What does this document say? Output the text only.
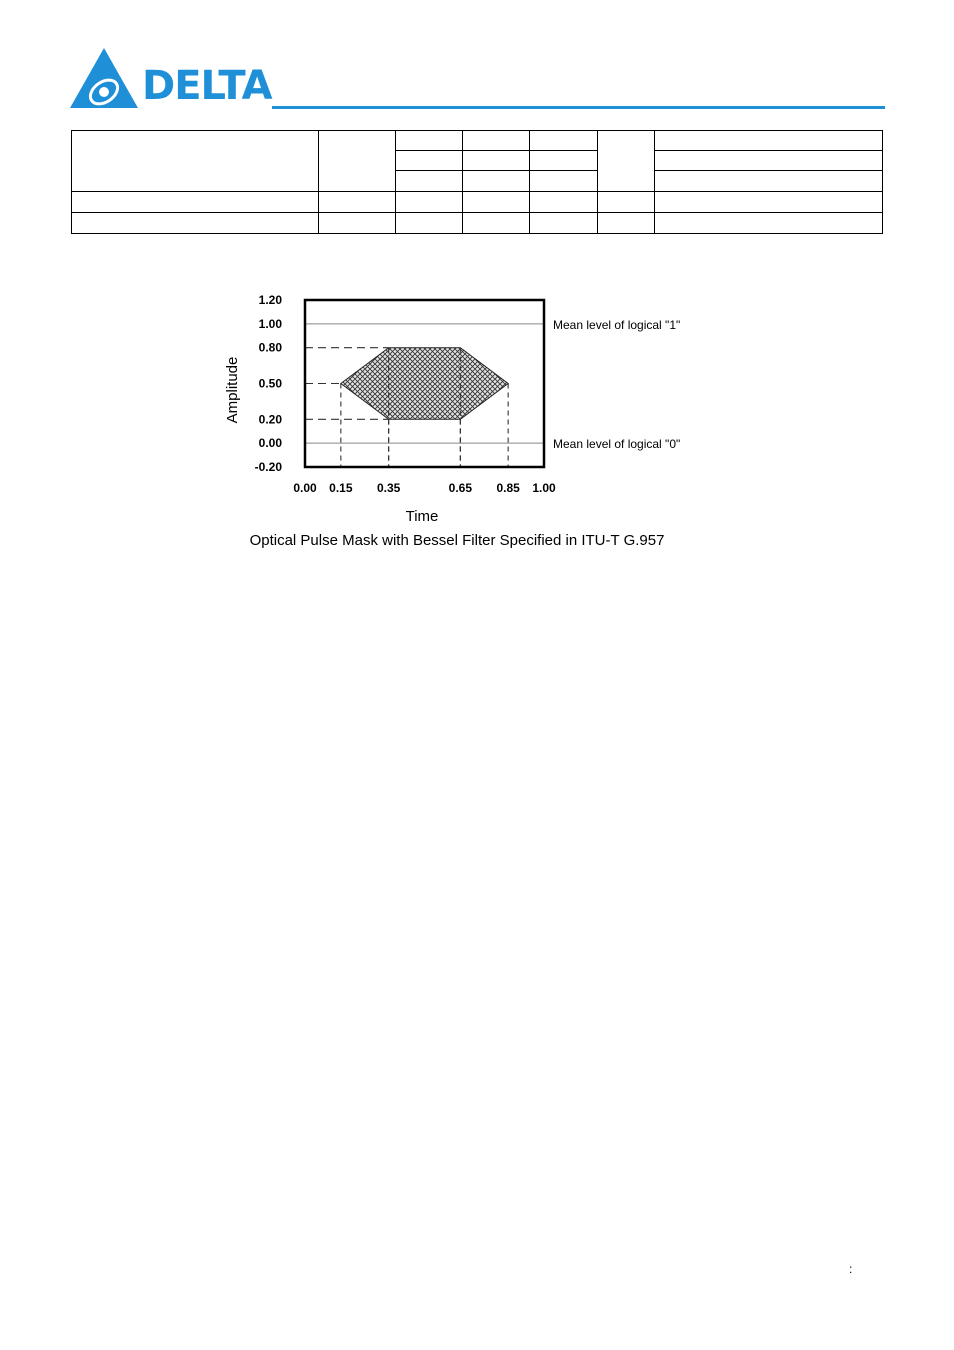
DELTA

Mean level of logical "1"
Mean level of logical "0"
1.20
1.00
0.80
0.50
0.20
0.00
-0.20
0.00 0.15 0.35	0.65 0.85 1.00
Amplitude
Time
Optical Pulse Mask with Bessel Filter Specified in ITU-T G.957
:
